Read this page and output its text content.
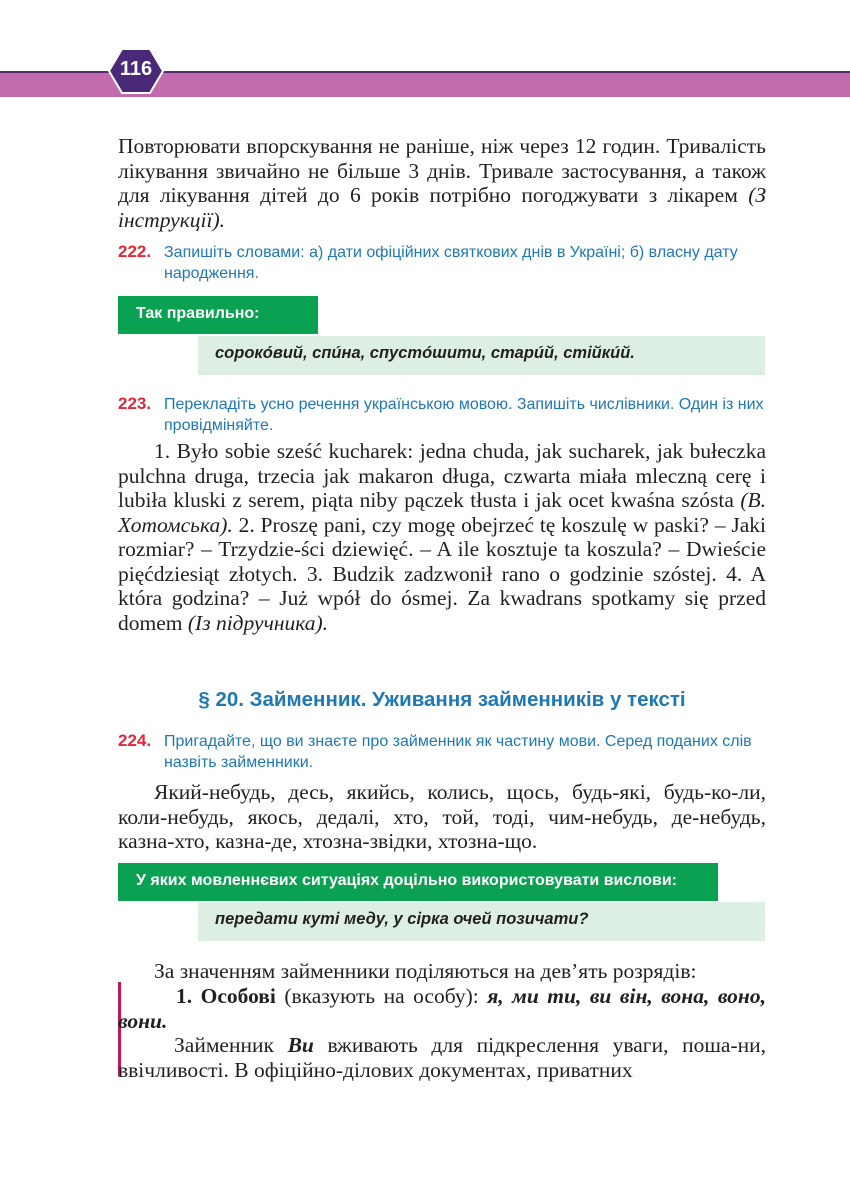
116
Повторювати впорскування не раніше, ніж через 12 годин. Тривалість лікування звичайно не більше 3 днів. Тривале застосування, а також для лікування дітей до 6 років потрібно погоджувати з лікарем (З інструкції).
222. Запишіть словами: а) дати офіційних святкових днів в Україні; б) власну дату народження.
сорокóвий, спúна, спустóшити, старúй, стійкúй.
Так правильно:
223. Перекладіть усно речення українською мовою. Запишіть числівники. Один із них провідміняйте.
1. Było sobie sześć kucharek: jedna chuda, jak sucharek, jak bułeczka pulchna druga, trzecia jak makaron długa, czwarta miała mleczną cerę i lubiła kluski z serem, piąta niby pączek tłusta i jak ocet kwaśna szósta (В. Хотомська). 2. Proszę pani, czy mogę obejrzeć tę koszulę w paski? – Jaki rozmiar? – Trzydzie-ści dziewięć. – A ile kosztuje ta koszula? – Dwieście pięćdziesiąt złotych. 3. Budzik zadzwonił rano o godzinie szóstej. 4. A która godzina? – Już wpół do ósmej. Za kwadrans spotkamy się przed domem (Із підручника).
§ 20. Займенник. Уживання займенників у тексті
224. Пригадайте, що ви знаєте про займенник як частину мови. Серед поданих слів назвіть займенники.
Який-небудь, десь, якийсь, колись, щось, будь-які, будь-ко-ли, коли-небудь, якось, дедалі, хто, той, тоді, чим-небудь, де-небудь, казна-хто, казна-де, хтозна-звідки, хтозна-що.
передати куті меду, у сірка очей позичати?
У яких мовленнєвих ситуаціях доцільно використовувати вислови:
За значенням займенники поділяються на дев’ять розрядів:
1. Особові (вказують на особу): я, ми ти, ви він, вона, воно, вони.
Займенник Ви вживають для підкреслення уваги, поша-ни, ввічливості. В офіційно-ділових документах, приватних
